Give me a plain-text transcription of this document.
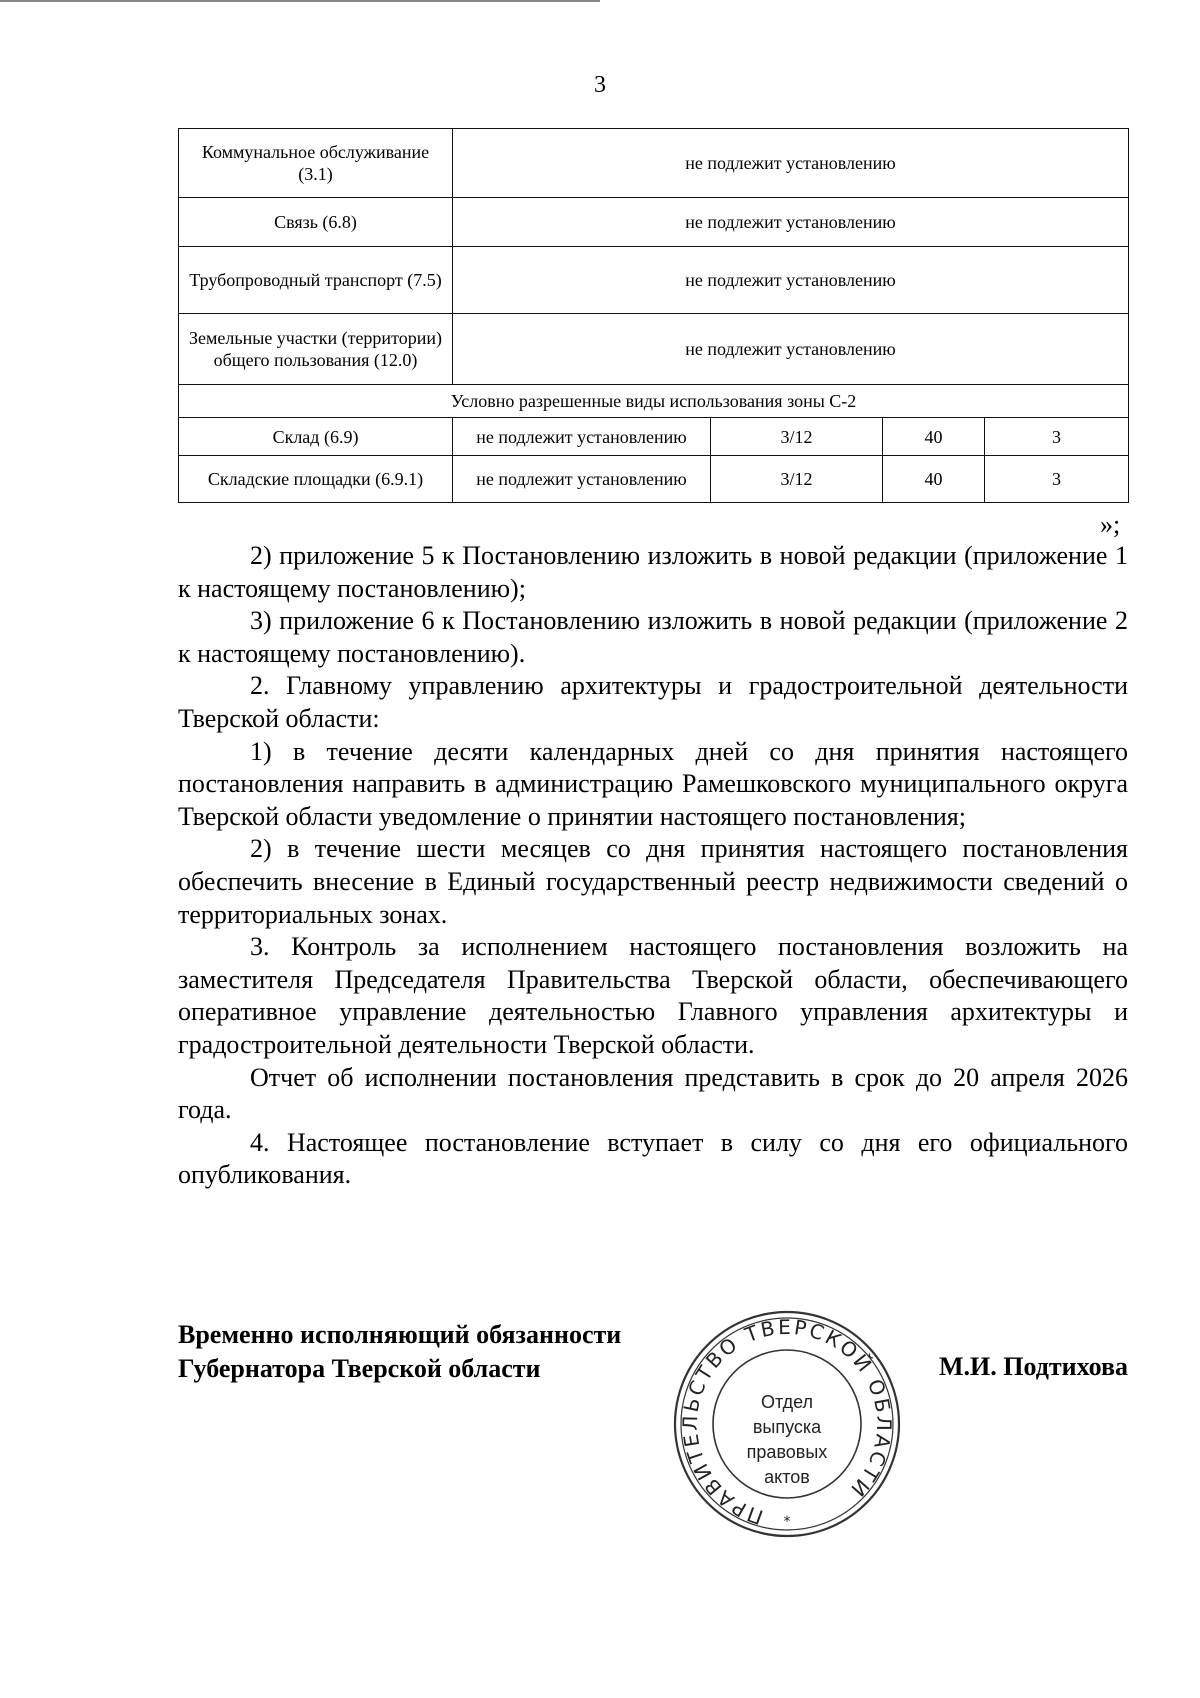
3
Коммунальное обслуживание (3.1)	не подлежит установлению			
Связь (6.8)	не подлежит установлению			
Трубопроводный транспорт (7.5)	не подлежит установлению			
Земельные участки (территории) общего пользования (12.0)	не подлежит установлению			
Условно разрешенные виды использования зоны С-2				
Склад (6.9)	не подлежит установлению	3/12	40	3
Складские площадки (6.9.1)	не подлежит установлению	3/12	40	3
»;

2) приложение 5 к Постановлению изложить в новой редакции (приложение 1 к настоящему постановлению);

3) приложение 6 к Постановлению изложить в новой редакции (приложение 2 к настоящему постановлению).

2. Главному управлению архитектуры и градостроительной деятельности Тверской области:

1) в течение десяти календарных дней со дня принятия настоящего постановления направить в администрацию Рамешковского муниципального округа Тверской области уведомление о принятии настоящего постановления;

2) в течение шести месяцев со дня принятия настоящего постановления обеспечить внесение в Единый государственный реестр недвижимости сведений о территориальных зонах.

3. Контроль за исполнением настоящего постановления возложить на заместителя Председателя Правительства Тверской области, обеспечивающего оперативное управление деятельностью Главного управления архитектуры и градостроительной деятельности Тверской области.

Отчет об исполнении постановления представить в срок до 20 апреля 2026 года.

4. Настоящее постановление вступает в силу со дня его официального опубликования.

Временно исполняющий обязанности
Губернатора Тверской области	М.И. Подтихова
ПРАВИТЕЛЬСТВО ТВЕРСКОЙ ОБЛАСТИ
*
Отдел
выпуска
правовых
актов
